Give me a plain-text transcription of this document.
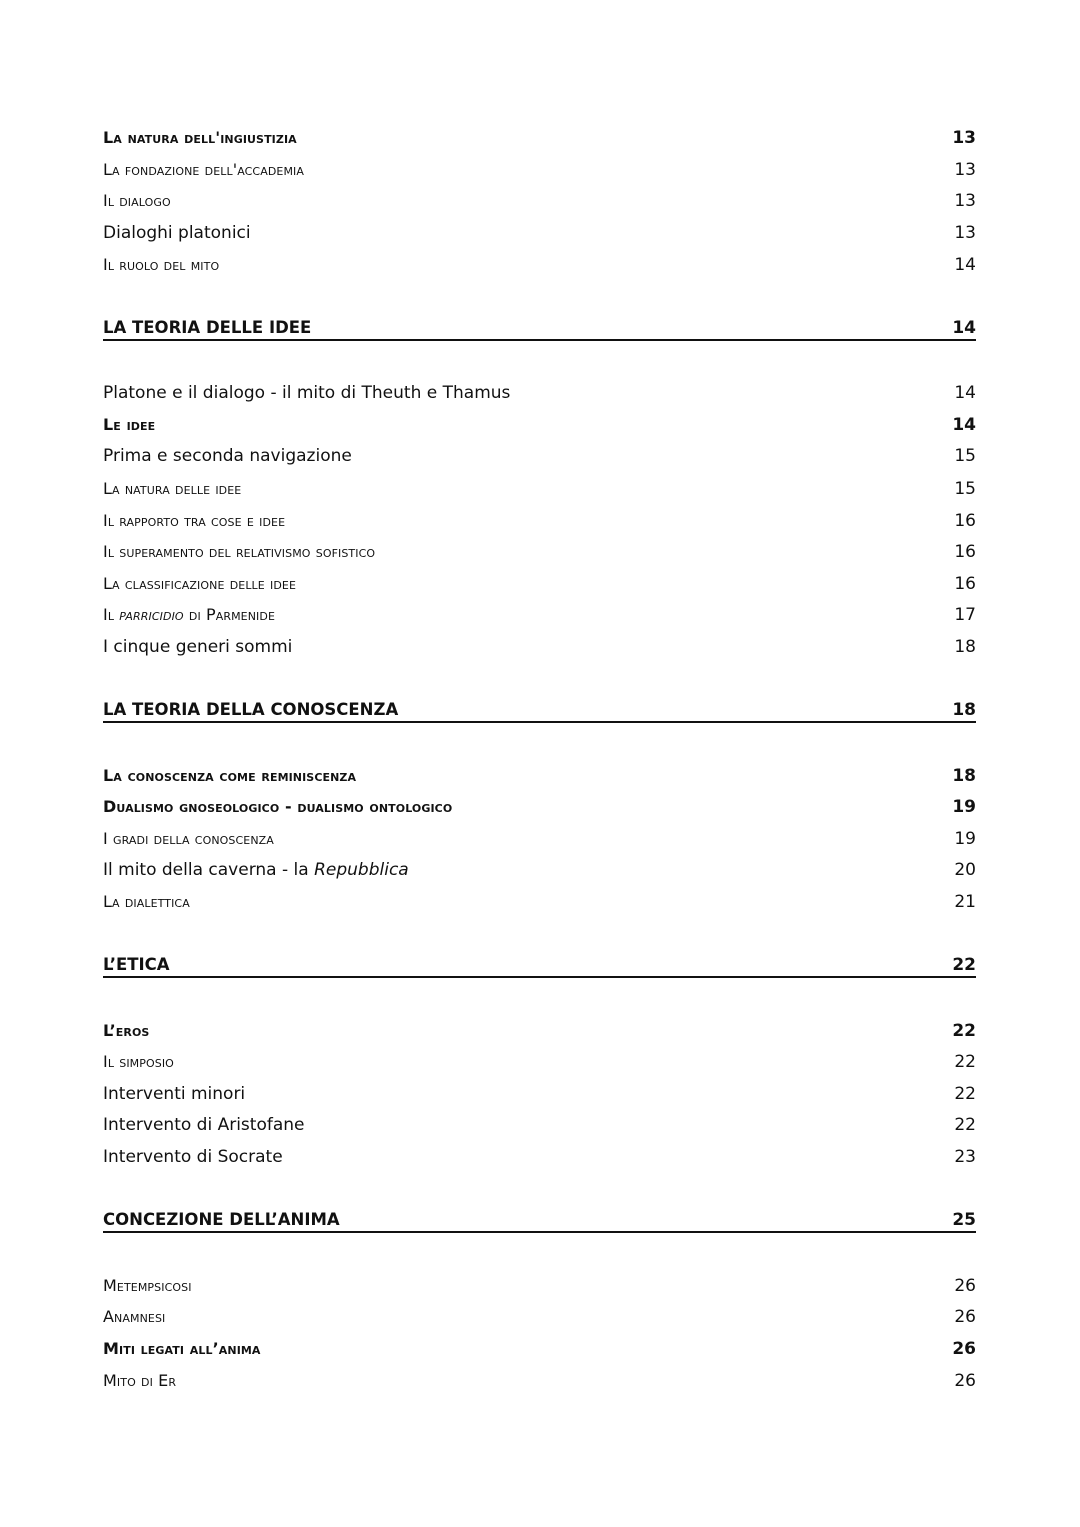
La natura dell'ingiustizia	13
La fondazione dell'accademia	13
Il dialogo	13
Dialoghi platonici	13
Il ruolo del mito	14
LA TEORIA DELLE IDEE	14
Platone e il dialogo - il mito di Theuth e Thamus	14
Le idee	14
Prima e seconda navigazione	15
La natura delle idee	15
Il rapporto tra cose e idee	16
Il superamento del relativismo sofistico	16
La classificazione delle idee	16
Il parricidio di Parmenide	17
I cinque generi sommi	18
LA TEORIA DELLA CONOSCENZA	18
La conoscenza come reminiscenza	18
Dualismo gnoseologico - dualismo ontologico	19
I gradi della conoscenza	19
Il mito della caverna - la Repubblica	20
La dialettica	21
L’ETICA	22
L’eros	22
Il simposio	22
Interventi minori	22
Intervento di Aristofane	22
Intervento di Socrate	23
CONCEZIONE DELL’ANIMA	25
Metempsicosi	26
Anamnesi	26
Miti legati all’anima	26
Mito di Er	26
